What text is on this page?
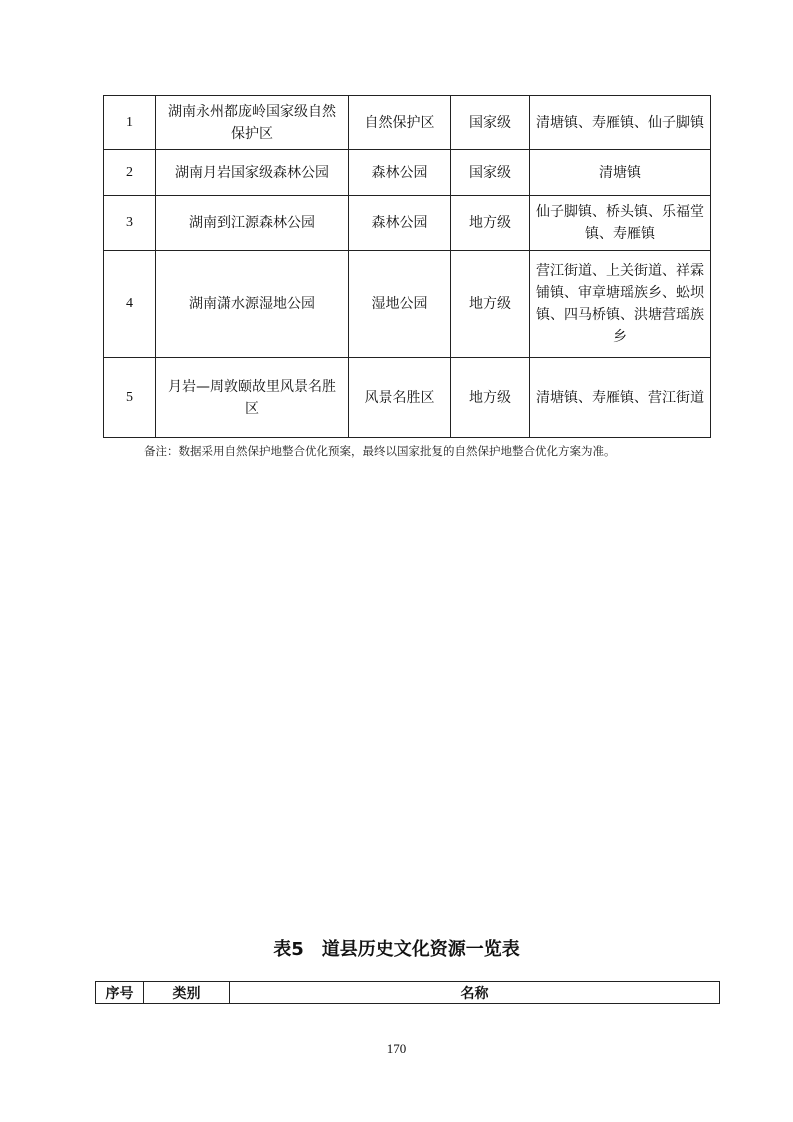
1	湖南永州都庞岭国家级自然保护区	自然保护区	国家级	清塘镇、寿雁镇、仙子脚镇
2	湖南月岩国家级森林公园	森林公园	国家级	清塘镇
3	湖南到江源森林公园	森林公园	地方级	仙子脚镇、桥头镇、乐福堂镇、寿雁镇
4	湖南潇水源湿地公园	湿地公园	地方级	营江街道、上关街道、祥霖铺镇、审章塘瑶族乡、蚣坝镇、四马桥镇、洪塘营瑶族乡
5	月岩—周敦颐故里风景名胜区	风景名胜区	地方级	清塘镇、寿雁镇、营江街道
备注：数据采用自然保护地整合优化预案，最终以国家批复的自然保护地整合优化方案为准。
表5　道县历史文化资源一览表
序号	类别	名称
170
